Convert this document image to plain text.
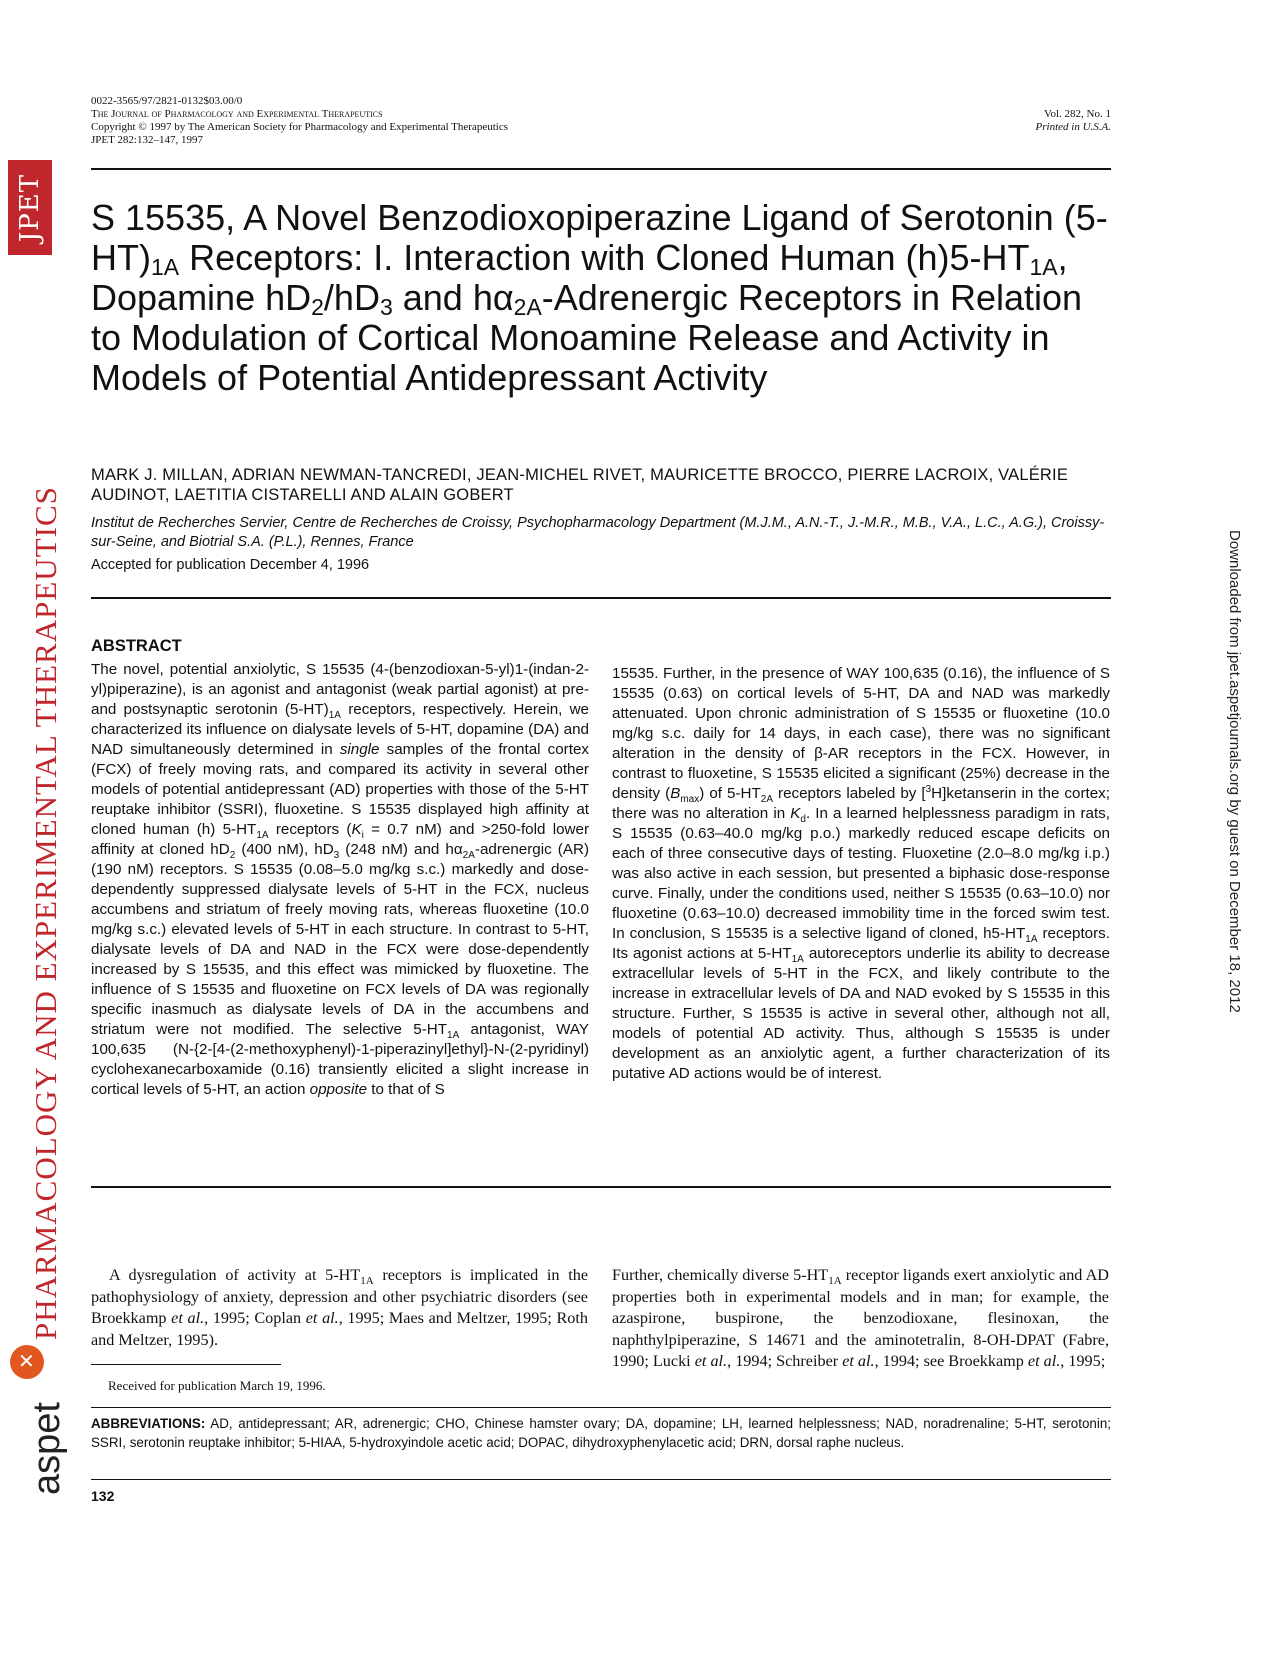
JPET
PHARMACOLOGY AND EXPERIMENTAL THERAPEUTICS
✕
aspet
Downloaded from jpet.aspetjournals.org by guest on December 18, 2012
0022-3565/97/2821-0132$03.00/0
The Journal of Pharmacology and Experimental Therapeutics
Copyright © 1997 by The American Society for Pharmacology and Experimental Therapeutics
JPET 282:132–147, 1997
Vol. 282, No. 1
Printed in U.S.A.
S 15535, A Novel Benzodioxopiperazine Ligand of Serotonin $(5-HT)_{1A}$ Receptors: I. Interaction with Cloned Human $(h)5-HT_{1A}$, Dopamine $hD_2/hD_3$ and $h\alpha_{2A}$-Adrenergic Receptors in Relation to Modulation of Cortical Monoamine Release and Activity in Models of Potential Antidepressant Activity
MARK J. MILLAN, ADRIAN NEWMAN-TANCREDI, JEAN-MICHEL RIVET, MAURICETTE BROCCO, PIERRE LACROIX, VALÉRIE AUDINOT, LAETITIA CISTARELLI AND ALAIN GOBERT
Institut de Recherches Servier, Centre de Recherches de Croissy, Psychopharmacology Department (M.J.M., A.N.-T., J.-M.R., M.B., V.A., L.C., A.G.), Croissy-sur-Seine, and Biotrial S.A. (P.L.), Rennes, France
Accepted for publication December 4, 1996
ABSTRACT
The novel, potential anxiolytic, S 15535 (4-(benzodioxan-5-yl)1-(indan-2-yl)piperazine), is an agonist and antagonist (weak partial agonist) at pre- and postsynaptic serotonin $(5-HT)_{1A}$ receptors, respectively. Herein, we characterized its influence on dialysate levels of 5-HT, dopamine (DA) and NAD simultaneously determined in single samples of the frontal cortex (FCX) of freely moving rats, and compared its activity in several other models of potential antidepressant (AD) properties with those of the 5-HT reuptake inhibitor (SSRI), fluoxetine. S 15535 displayed high affinity at cloned human (h) $5-HT_{1A}$ receptors ($K_i = 0.7$ nM) and >250-fold lower affinity at cloned $hD_2$ (400 nM), $hD_3$ (248 nM) and $h\alpha_{2A}$-adrenergic (AR) (190 nM) receptors. S 15535 (0.08–5.0 mg/kg s.c.) markedly and dose-dependently suppressed dialysate levels of 5-HT in the FCX, nucleus accumbens and striatum of freely moving rats, whereas fluoxetine (10.0 mg/kg s.c.) elevated levels of 5-HT in each structure. In contrast to 5-HT, dialysate levels of DA and NAD in the FCX were dose-dependently increased by S 15535, and this effect was mimicked by fluoxetine. The influence of S 15535 and fluoxetine on FCX levels of DA was regionally specific inasmuch as dialysate levels of DA in the accumbens and striatum were not modified. The selective $5-HT_{1A}$ antagonist, WAY 100,635 (N-{2-[4-(2-methoxyphenyl)-1-piperazinyl]ethyl}-N-(2-pyridinyl) cyclohexanecarboxamide (0.16) transiently elicited a slight increase in cortical levels of 5-HT, an action opposite to that of S
15535. Further, in the presence of WAY 100,635 (0.16), the influence of S 15535 (0.63) on cortical levels of 5-HT, DA and NAD was markedly attenuated. Upon chronic administration of S 15535 or fluoxetine (10.0 mg/kg s.c. daily for 14 days, in each case), there was no significant alteration in the density of β-AR receptors in the FCX. However, in contrast to fluoxetine, S 15535 elicited a significant (25%) decrease in the density $(B_{max})$ of $5-HT_{2A}$ receptors labeled by [$^3$H]ketanserin in the cortex; there was no alteration in $K_d$. In a learned helplessness paradigm in rats, S 15535 (0.63–40.0 mg/kg p.o.) markedly reduced escape deficits on each of three consecutive days of testing. Fluoxetine (2.0–8.0 mg/kg i.p.) was also active in each session, but presented a biphasic dose-response curve. Finally, under the conditions used, neither S 15535 (0.63–10.0) nor fluoxetine (0.63–10.0) decreased immobility time in the forced swim test. In conclusion, S 15535 is a selective ligand of cloned, $h5-HT_{1A}$ receptors. Its agonist actions at $5-HT_{1A}$ autoreceptors underlie its ability to decrease extracellular levels of 5-HT in the FCX, and likely contribute to the increase in extracellular levels of DA and NAD evoked by S 15535 in this structure. Further, S 15535 is active in several other, although not all, models of potential AD activity. Thus, although S 15535 is under development as an anxiolytic agent, a further characterization of its putative AD actions would be of interest.
A dysregulation of activity at $5-HT_{1A}$ receptors is implicated in the pathophysiology of anxiety, depression and other psychiatric disorders (see Broekkamp et al., 1995; Coplan et al., 1995; Maes and Meltzer, 1995; Roth and Meltzer, 1995).
Further, chemically diverse $5-HT_{1A}$ receptor ligands exert anxiolytic and AD properties both in experimental models and in man; for example, the azaspirone, buspirone, the benzodioxane, flesinoxan, the naphthylpiperazine, S 14671 and the aminotetralin, 8-OH-DPAT (Fabre, 1990; Lucki et al., 1994; Schreiber et al., 1994; see Broekkamp et al., 1995;
Received for publication March 19, 1996.
ABBREVIATIONS: AD, antidepressant; AR, adrenergic; CHO, Chinese hamster ovary; DA, dopamine; LH, learned helplessness; NAD, noradrenaline; 5-HT, serotonin; SSRI, serotonin reuptake inhibitor; 5-HIAA, 5-hydroxyindole acetic acid; DOPAC, dihydroxyphenylacetic acid; DRN, dorsal raphe nucleus.
132
